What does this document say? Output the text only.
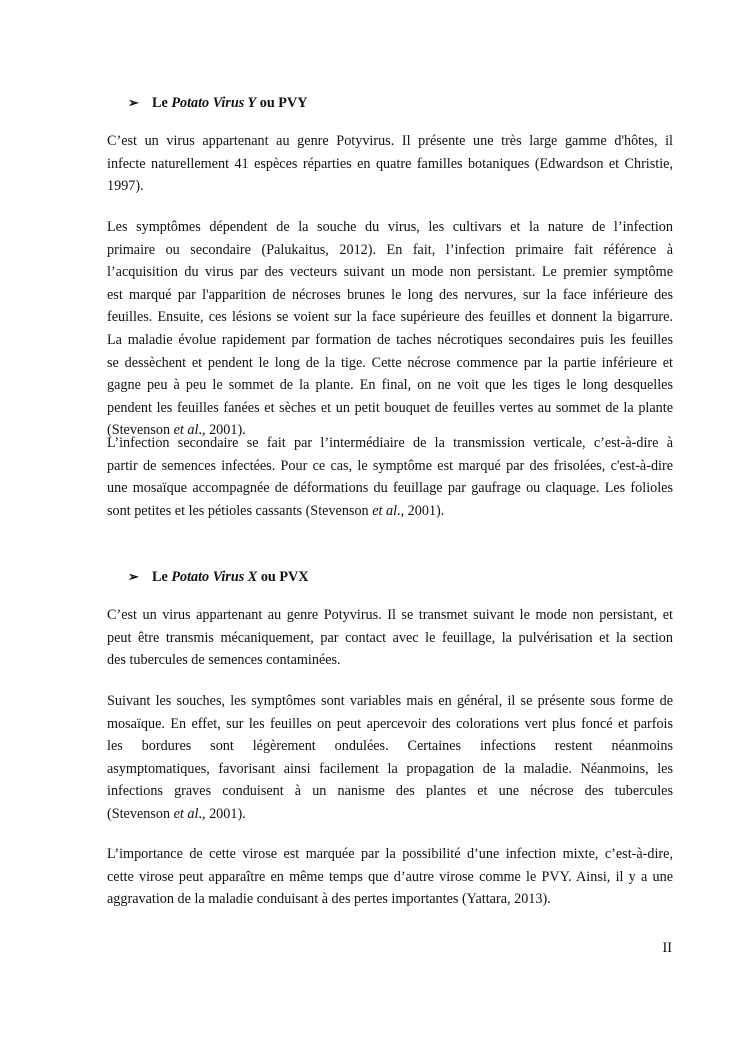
➢ Le Potato Virus Y ou PVY

C’est un virus appartenant au genre Potyvirus. Il présente une très large gamme d'hôtes, il
infecte naturellement 41 espèces réparties en quatre familles botaniques (Edwardson et Christie,
1997).

Les symptômes dépendent de la souche du virus, les cultivars et la nature de l’infection
primaire ou secondaire (Palukaitus, 2012). En fait, l’infection primaire fait référence à
l’acquisition du virus par des vecteurs suivant un mode non persistant. Le premier symptôme
est marqué par l'apparition de nécroses brunes le long des nervures, sur la face inférieure des
feuilles. Ensuite, ces lésions se voient sur la face supérieure des feuilles et donnent la bigarrure.
La maladie évolue rapidement par formation de taches nécrotiques secondaires puis les feuilles
se dessèchent et pendent le long de la tige. Cette nécrose commence par la partie inférieure et
gagne peu à peu le sommet de la plante. En final, on ne voit que les tiges le long desquelles
pendent les feuilles fanées et sèches et un petit bouquet de feuilles vertes au sommet de la plante
(Stevenson et al., 2001).

L’infection secondaire se fait par l’intermédiaire de la transmission verticale, c’est-à-dire à
partir de semences infectées. Pour ce cas, le symptôme est marqué par des frisolées, c'est-à-dire
une mosaïque accompagnée de déformations du feuillage par gaufrage ou claquage. Les folioles
sont petites et les pétioles cassants (Stevenson et al., 2001).

➢ Le Potato Virus X ou PVX

C’est un virus appartenant au genre Potyvirus. Il se transmet suivant le mode non persistant, et
peut être transmis mécaniquement, par contact avec le feuillage, la pulvérisation et la section
des tubercules de semences contaminées.

Suivant les souches, les symptômes sont variables mais en général, il se présente sous forme de
mosaïque. En effet, sur les feuilles on peut apercevoir des colorations vert plus foncé et parfois
les bordures sont légèrement ondulées. Certaines infections restent néanmoins
asymptomatiques, favorisant ainsi facilement la propagation de la maladie. Néanmoins, les
infections graves conduisent à un nanisme des plantes et une nécrose des tubercules
(Stevenson et al., 2001).

L’importance de cette virose est marquée par la possibilité d’une infection mixte, c’est-à-dire,
cette virose peut apparaître en même temps que d’autre virose comme le PVY. Ainsi, il y a une
aggravation de la maladie conduisant à des pertes importantes (Yattara, 2013).

II
